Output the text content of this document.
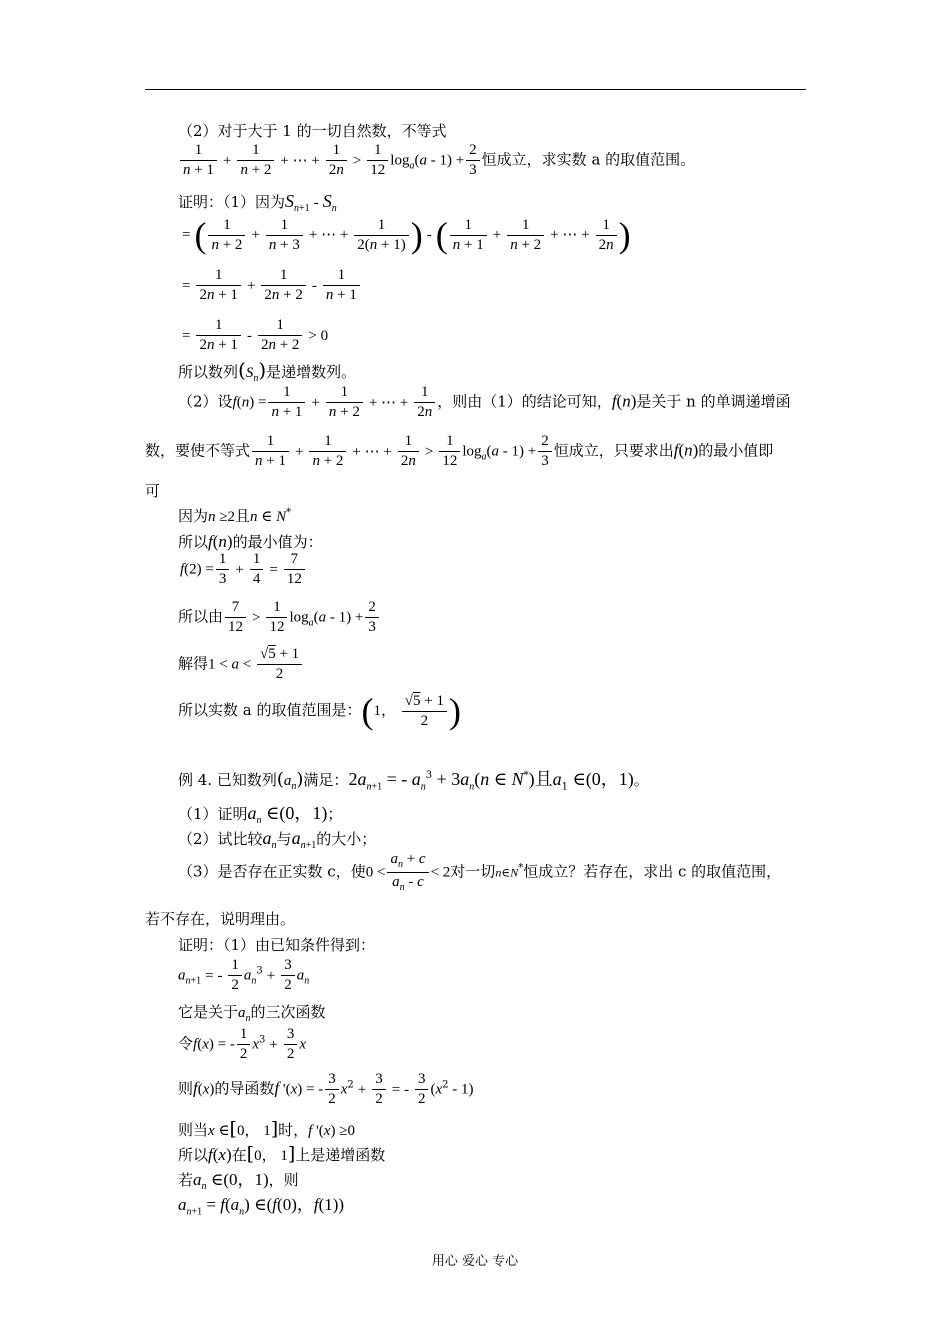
（2）对于大于 1 的一切自然数，不等式
$\frac{1}{n + 1} + \frac{1}{n + 2}$ + ⋯ + $\frac{1}{2n} > \frac{1}{12} \log_a(a - 1) + \frac{2}{3}$ 恒成立，求实数 a 的取值范围。
证明：（1）因为$S_{n+1} - S_n$
= ( $\frac{1}{n + 2} + \frac{1}{n + 3}$ + ⋯ + $\frac{1}{2(n + 1)}$ ) - ( $\frac{1}{n + 1} + \frac{1}{n + 2}$ + ⋯ + $\frac{1}{2n}$ )
= $\frac{1}{2n + 1} + \frac{1}{2n + 2} - \frac{1}{n + 1}$
= $\frac{1}{2n + 1} - \frac{1}{2n + 2} > 0$
所以数列$(S_n)$是递增数列。
（2）设$f(n) = \frac{1}{n + 1} + \frac{1}{n + 2}$ + ⋯ + $\frac{1}{2n}$ ，则由（1）的结论可知，f(n)是关于 n 的单调递增函
数，要使不等式 $\frac{1}{n + 1} + \frac{1}{n + 2}$ + ⋯ + $\frac{1}{2n} > \frac{1}{12} \log_a(a - 1) + \frac{2}{3}$ 恒成立，只要求出f(n)的最小值即
可
因为n ≥2且n ∈ N*
所以f(n)的最小值为：
$f(2) = \frac{1}{3} + \frac{1}{4} = \frac{7}{12}$
所以由 $\frac{7}{12} > \frac{1}{12} \log_a(a - 1) + \frac{2}{3}$
解得$1 < a < \frac{√5 + 1}{2}$
所以实数 a 的取值范围是：(1， $\frac{√5 + 1}{2}$ )
例 4. 已知数列$(a_n)$满足：$2a_{n+1}$ = - $a_n^3 + 3a_n(n$ ∈ N*)且$a_1$ ∈(0，1)。
（1）证明$a_n$ ∈(0，1)；
（2）试比较$a_n$与$a_{n+1}$的大小；
（3）是否存在正实数 c，使$0 < \frac{a_n + c}{a_n - c} < 2$对一切n∈N*恒成立？若存在，求出 c 的取值范围，
若不存在，说明理由。
证明：（1）由已知条件得到：
$a_{n+1}$ = - $\frac{1}{2} a_n^3 + \frac{3}{2} a_n$
它是关于$a_n$的三次函数
令f(x) = - $\frac{1}{2} x^3 + \frac{3}{2}$ x
则f(x)的导函数f '(x) = - $\frac{3}{2} x^2 + \frac{3}{2}$ = - $\frac{3}{2} (x^2 - 1)$
则当x ∈[0， 1]时，f '(x) ≥0
所以f(x)在[0， 1]上是递增函数
若$a_n$ ∈(0，1)，则
$a_{n+1} = f(a_n)$ ∈(f(0)，f(1))
用心 爱心 专心
